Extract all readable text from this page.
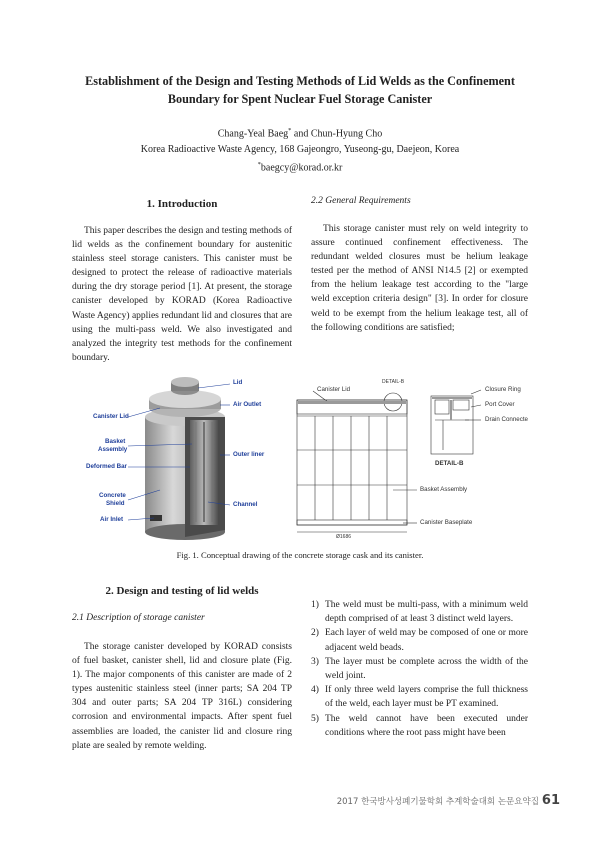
Establishment of the Design and Testing Methods of Lid Welds as the Confinement
Boundary for Spent Nuclear Fuel Storage Canister
Chang-Yeal Baeg* and Chun-Hyung Cho
Korea Radioactive Waste Agency, 168 Gajeongro, Yuseong-gu, Daejeon, Korea
*baegcy@korad.or.kr
1. Introduction

This paper describes the design and testing methods of lid welds as the confinement boundary for austenitic stainless steel storage canisters. This canister must be designed to protect the release of radioactive materials during the dry storage period [1]. At present, the storage canister developed by KORAD (Korea Radioactive Waste Agency) applies redundant lid and closures that are using the multi-pass weld. We also investigated and analyzed the integrity test methods for the confinement boundary.

2.2 General Requirements

This storage canister must rely on weld integrity to assure continued confinement effectiveness. The redundant welded closures must be helium leakage tested per the method of ANSI N14.5 [2] or exempted from the helium leakage test according to the "large weld exception criteria design" [3]. In order for closure weld to be exempt from the helium leakage test, all of the following conditions are satisfied;

Lid
Air Outlet
Canister Lid
Basket
Assembly
Outer liner
Deformed Bar
Concrete
Shield	Channel
Air Inlet
DETAIL-B
Canister Lid	Closure Ring
Port Cover
Drain Connecte
DETAIL-B
Basket Assembly
Canister Baseplate
Ø1686
Fig. 1. Conceptual drawing of the concrete storage cask and its canister.
2. Design and testing of lid welds
2.1 Description of storage canister

The storage canister developed by KORAD consists of fuel basket, canister shell, lid and closure plate (Fig. 1). The major components of this canister are made of 2 types austenitic stainless steel (inner parts; SA 204 TP 304 and outer parts; SA 204 TP 316L) considering corrosion and environmental impacts. After spent fuel assemblies are loaded, the canister lid and closure ring plate are sealed by remote welding.

1) The weld must be multi-pass, with a minimum weld depth comprised of at least 3 distinct weld layers.
2) Each layer of weld may be composed of one or more adjacent weld beads.
3) The layer must be complete across the width of the weld joint.
4) If only three weld layers comprise the full thickness of the weld, each layer must be PT examined.
5) The weld cannot have been executed under conditions where the root pass might have been
2017 한국방사성폐기물학회 추계학술대회 논문요약집 61
